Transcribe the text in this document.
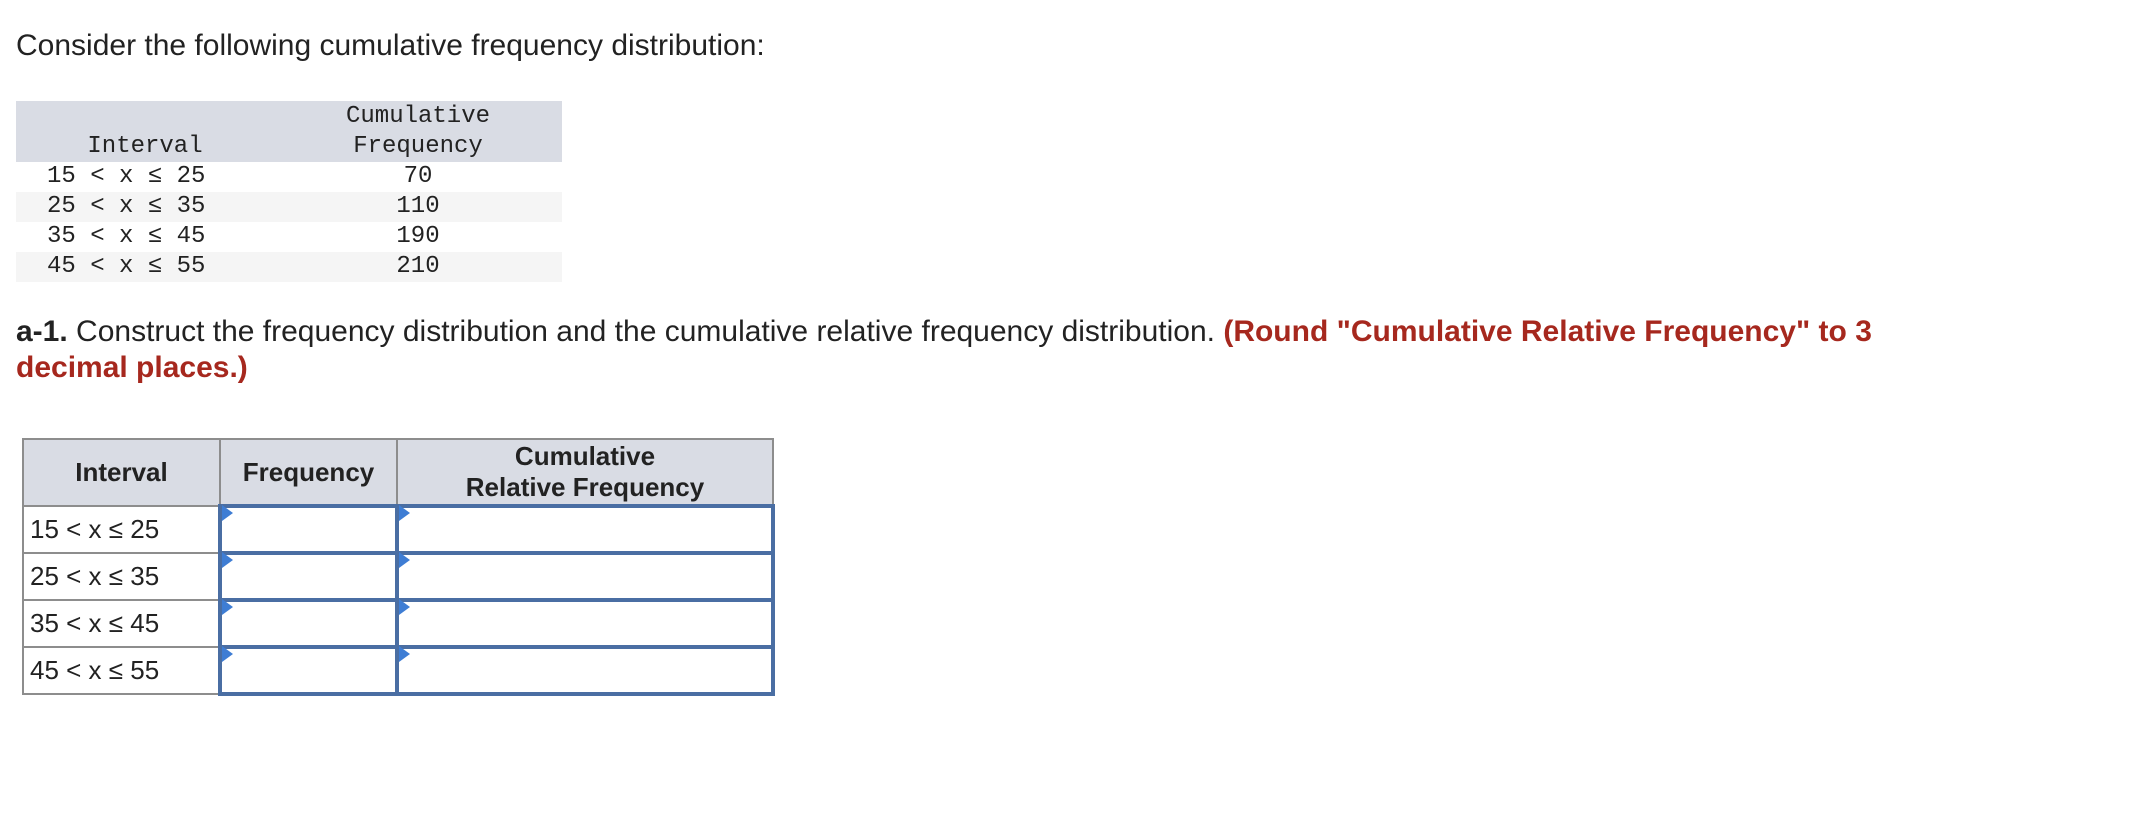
Consider the following cumulative frequency distribution:

Interval	Cumulative
Frequency
15 < x ≤ 25	70
25 < x ≤ 35	110
35 < x ≤ 45	190
45 < x ≤ 55	210

a-1. Construct the frequency distribution and the cumulative relative frequency distribution. (Round "Cumulative Relative Frequency" to 3 decimal places.)

Interval	Frequency	Cumulative
Relative Frequency
15 < x ≤ 25	

25 < x ≤ 35	

35 < x ≤ 45	

45 < x ≤ 55	
